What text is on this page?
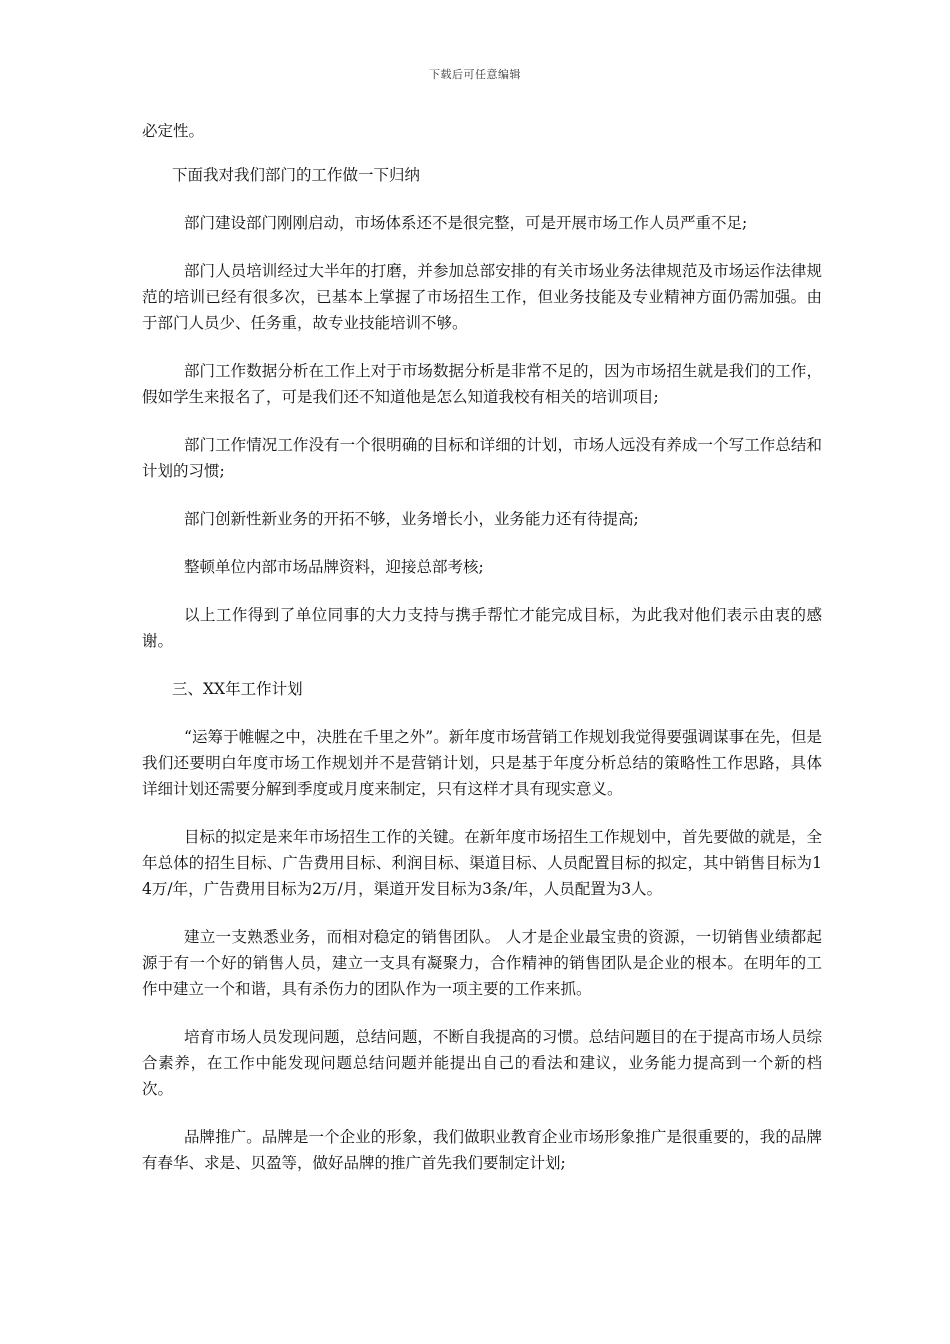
下载后可任意编辑

必定性。

下面我对我们部门的工作做一下归纳

部门建设部门刚刚启动，市场体系还不是很完整，可是开展市场工作人员严重不足;

部门人员培训经过大半年的打磨，并参加总部安排的有关市场业务法律规范及市场运作法律规范的培训已经有很多次，已基本上掌握了市场招生工作，但业务技能及专业精神方面仍需加强。由于部门人员少、任务重，故专业技能培训不够。

部门工作数据分析在工作上对于市场数据分析是非常不足的，因为市场招生就是我们的工作，假如学生来报名了，可是我们还不知道他是怎么知道我校有相关的培训项目;

部门工作情况工作没有一个很明确的目标和详细的计划，市场人远没有养成一个写工作总结和计划的习惯;

部门创新性新业务的开拓不够，业务增长小，业务能力还有待提高;

整顿单位内部市场品牌资料，迎接总部考核;

以上工作得到了单位同事的大力支持与携手帮忙才能完成目标，为此我对他们表示由衷的感谢。

三、XX年工作计划

“运筹于帷幄之中，决胜在千里之外”。新年度市场营销工作规划我觉得要强调谋事在先，但是我们还要明白年度市场工作规划并不是营销计划，只是基于年度分析总结的策略性工作思路，具体详细计划还需要分解到季度或月度来制定，只有这样才具有现实意义。

目标的拟定是来年市场招生工作的关键。在新年度市场招生工作规划中，首先要做的就是，全年总体的招生目标、广告费用目标、利润目标、渠道目标、人员配置目标的拟定，其中销售目标为14万/年，广告费用目标为2万/月，渠道开发目标为3条/年，人员配置为3人。

建立一支熟悉业务，而相对稳定的销售团队。 人才是企业最宝贵的资源，一切销售业绩都起源于有一个好的销售人员，建立一支具有凝聚力，合作精神的销售团队是企业的根本。在明年的工作中建立一个和谐，具有杀伤力的团队作为一项主要的工作来抓。

培育市场人员发现问题，总结问题，不断自我提高的习惯。总结问题目的在于提高市场人员综合素养，在工作中能发现问题总结问题并能提出自己的看法和建议，业务能力提高到一个新的档次。

品牌推广。品牌是一个企业的形象，我们做职业教育企业市场形象推广是很重要的，我的品牌有春华、求是、贝盈等，做好品牌的推广首先我们要制定计划;
